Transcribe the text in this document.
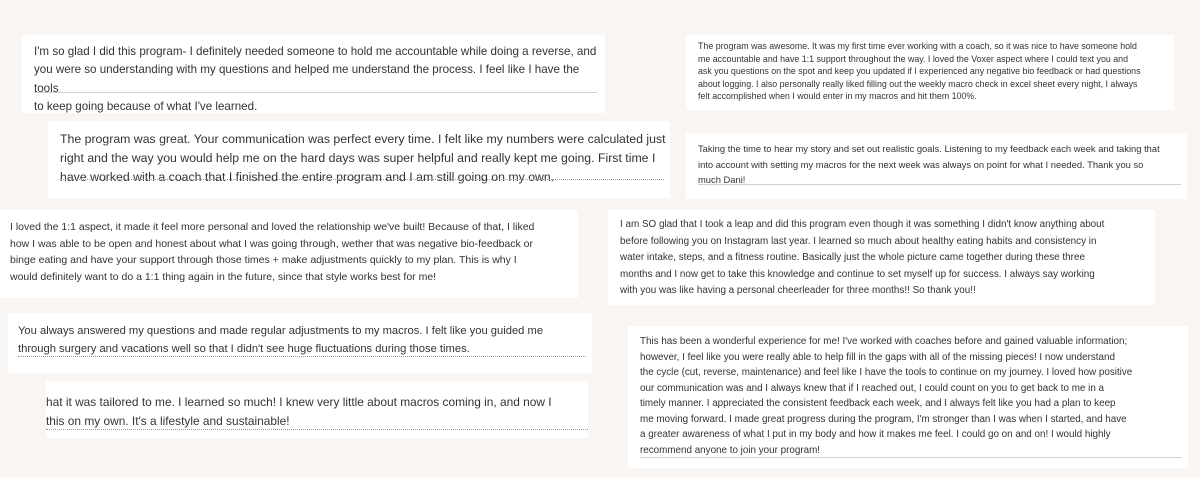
I'm so glad I did this program- I definitely needed someone to hold me accountable while doing a reverse, and
you were so understanding with my questions and helped me understand the process. I feel like I have the tools
to keep going because of what I've learned.

The program was awesome. It was my first time ever working with a coach, so it was nice to have someone hold
me accountable and have 1:1 support throughout the way. I loved the Voxer aspect where I could text you and
ask you questions on the spot and keep you updated if I experienced any negative bio feedback or had questions
about logging. I also personally really liked filling out the weekly macro check in excel sheet every night, I always
felt accomplished when I would enter in my macros and hit them 100%.

The program was great. Your communication was perfect every time. I felt like my numbers were calculated just
right and the way you would help me on the hard days was super helpful and really kept me going. First time I
have worked with a coach that I finished the entire program and I am still going on my own.

Taking the time to hear my story and set out realistic goals. Listening to my feedback each week and taking that
into account with setting my macros for the next week was always on point for what I needed. Thank you so
much Dani!

I loved the 1:1 aspect, it made it feel more personal and loved the relationship we've built! Because of that, I liked
how I was able to be open and honest about what I was going through, wether that was negative bio-feedback or
binge eating and have your support through those times + make adjustments quickly to my plan. This is why I
would definitely want to do a 1:1 thing again in the future, since that style works best for me!

I am SO glad that I took a leap and did this program even though it was something I didn't know anything about
before following you on Instagram last year. I learned so much about healthy eating habits and consistency in
water intake, steps, and a fitness routine. Basically just the whole picture came together during these three
months and I now get to take this knowledge and continue to set myself up for success. I always say working
with you was like having a personal cheerleader for three months!! So thank you!!

You always answered my questions and made regular adjustments to my macros. I felt like you guided me
through surgery and vacations well so that I didn't see huge fluctuations during those times.

hat it was tailored to me. I learned so much! I knew very little about macros coming in, and now I
this on my own. It's a lifestyle and sustainable!

This has been a wonderful experience for me! I've worked with coaches before and gained valuable information;
however, I feel like you were really able to help fill in the gaps with all of the missing pieces! I now understand
the cycle (cut, reverse, maintenance) and feel like I have the tools to continue on my journey. I loved how positive
our communication was and I always knew that if I reached out, I could count on you to get back to me in a
timely manner. I appreciated the consistent feedback each week, and I always felt like you had a plan to keep
me moving forward. I made great progress during the program, I'm stronger than I was when I started, and have
a greater awareness of what I put in my body and how it makes me feel. I could go on and on! I would highly
recommend anyone to join your program!
